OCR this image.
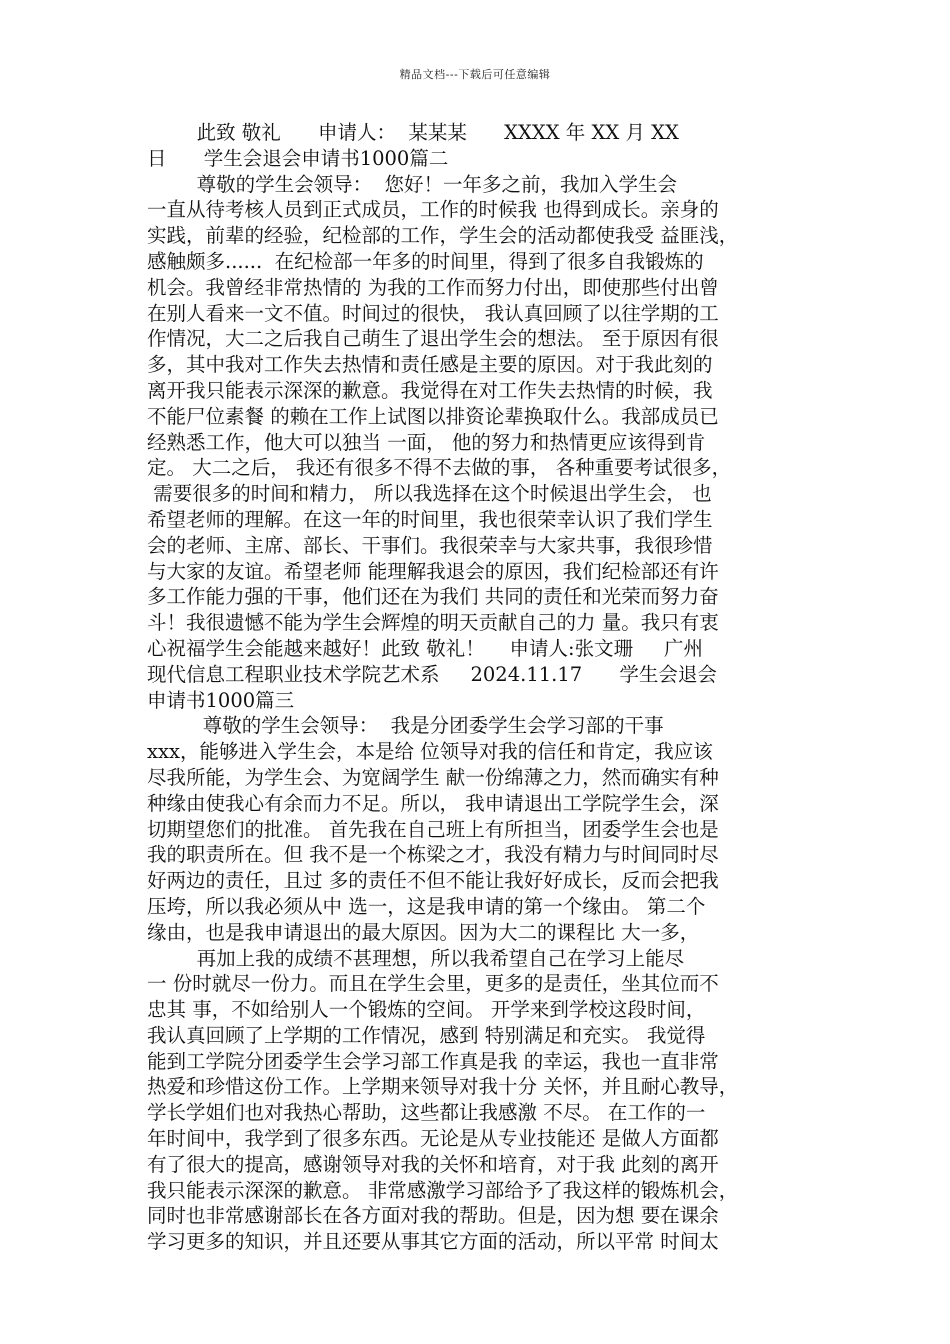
精品文档---下载后可任意编辑
此致 敬礼      申请人：  某某某      XXXX 年 XX 月 XX
日      学生会退会申请书1000篇二
尊敬的学生会领导：  您好！一年多之前，我加入学生会
一直从待考核人员到正式成员，工作的时候我 也得到成长。亲身的
实践，前辈的经验，纪检部的工作，学生会的活动都使我受 益匪浅，
感触颇多......  在纪检部一年多的时间里，得到了很多自我锻炼的
机会。我曾经非常热情的 为我的工作而努力付出，即使那些付出曾
在别人看来一文不值。时间过的很快， 我认真回顾了以往学期的工
作情况，大二之后我自己萌生了退出学生会的想法。 至于原因有很
多，其中我对工作失去热情和责任感是主要的原因。对于我此刻的
离开我只能表示深深的歉意。我觉得在对工作失去热情的时候，我
不能尸位素餐 的赖在工作上试图以排资论辈换取什么。我部成员已
经熟悉工作，他大可以独当 一面， 他的努力和热情更应该得到肯
定。 大二之后， 我还有很多不得不去做的事， 各种重要考试很多，
需要很多的时间和精力， 所以我选择在这个时候退出学生会， 也
希望老师的理解。在这一年的时间里，我也很荣幸认识了我们学生
会的老师、主席、部长、干事们。我很荣幸与大家共事，我很珍惜
与大家的友谊。希望老师 能理解我退会的原因，我们纪检部还有许
多工作能力强的干事，他们还在为我们 共同的责任和光荣而努力奋
斗！我很遗憾不能为学生会辉煌的明天贡献自己的力 量。我只有衷
心祝福学生会能越来越好！此致 敬礼！    申请人:张文珊     广州
现代信息工程职业技术学院艺术系     2024.11.17      学生会退会
申请书1000篇三
尊敬的学生会领导：  我是分团委学生会学习部的干事
xxx，能够进入学生会，本是给 位领导对我的信任和肯定，我应该
尽我所能，为学生会、为宽阔学生 献一份绵薄之力，然而确实有种
种缘由使我心有余而力不足。所以， 我申请退出工学院学生会，深
切期望您们的批准。 首先我在自己班上有所担当，团委学生会也是
我的职责所在。但 我不是一个栋梁之才，我没有精力与时间同时尽
好两边的责任，且过 多的责任不但不能让我好好成长，反而会把我
压垮，所以我必须从中 选一，这是我申请的第一个缘由。 第二个
缘由，也是我申请退出的最大原因。因为大二的课程比 大一多，
再加上我的成绩不甚理想，所以我希望自己在学习上能尽
一 份时就尽一份力。而且在学生会里，更多的是责任，坐其位而不
忠其 事，不如给别人一个锻炼的空间。 开学来到学校这段时间，
我认真回顾了上学期的工作情况，感到 特别满足和充实。 我觉得
能到工学院分团委学生会学习部工作真是我 的幸运，我也一直非常
热爱和珍惜这份工作。上学期来领导对我十分 关怀，并且耐心教导，
学长学姐们也对我热心帮助，这些都让我感激 不尽。 在工作的一
年时间中，我学到了很多东西。无论是从专业技能还 是做人方面都
有了很大的提高，感谢领导对我的关怀和培育，对于我 此刻的离开
我只能表示深深的歉意。 非常感激学习部给予了我这样的锻炼机会，
同时也非常感谢部长在各方面对我的帮助。但是，因为想 要在课余
学习更多的知识，并且还要从事其它方面的活动，所以平常 时间太
